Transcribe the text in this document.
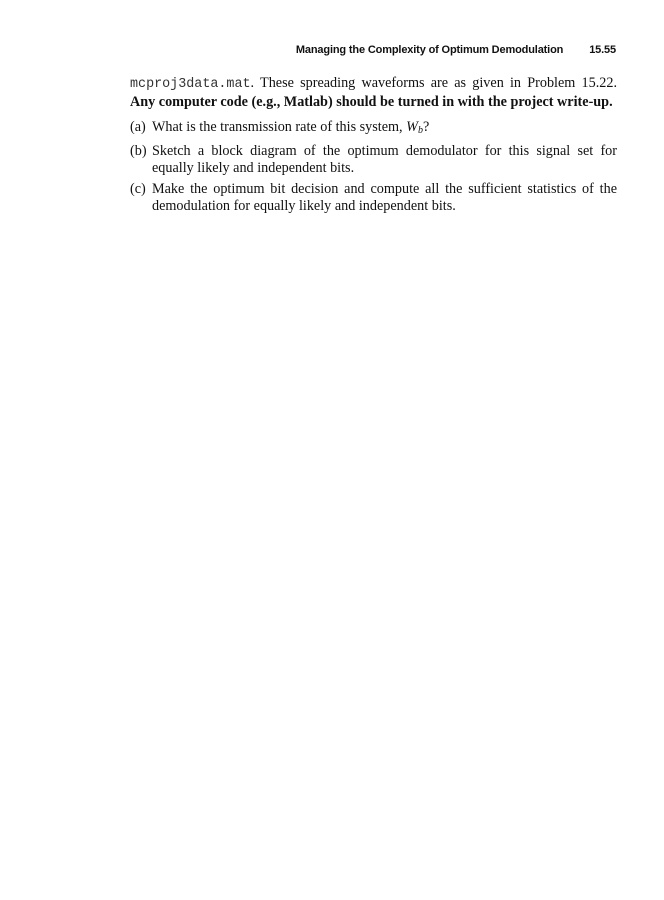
Managing the Complexity of Optimum Demodulation 15.55

mcproj3data.mat. These spreading waveforms are as given in Problem 15.22. Any computer code (e.g., Matlab) should be turned in with the project write-up.

(a) What is the transmission rate of this system, $W_b$?
(b) Sketch a block diagram of the optimum demodulator for this signal set for equally likely and independent bits.
(c) Make the optimum bit decision and compute all the sufficient statistics of the demodulation for equally likely and independent bits.
